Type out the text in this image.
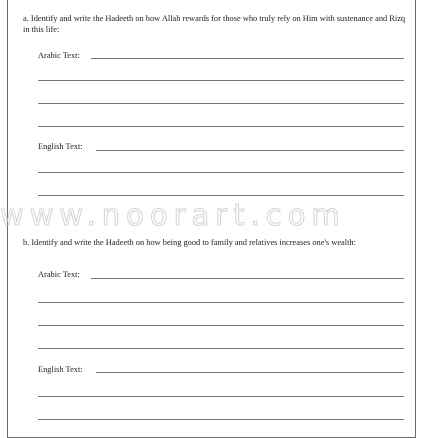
a. Identify and write the Hadeeth on how Allah rewards for those who truly rely on Him with sustenance and Rizq in this life:
Arabic Text:
English Text:
www.noorart.com
b. Identify and write the Hadeeth on how being good to family and relatives increases one's wealth:
Arabic Text:
English Text:
